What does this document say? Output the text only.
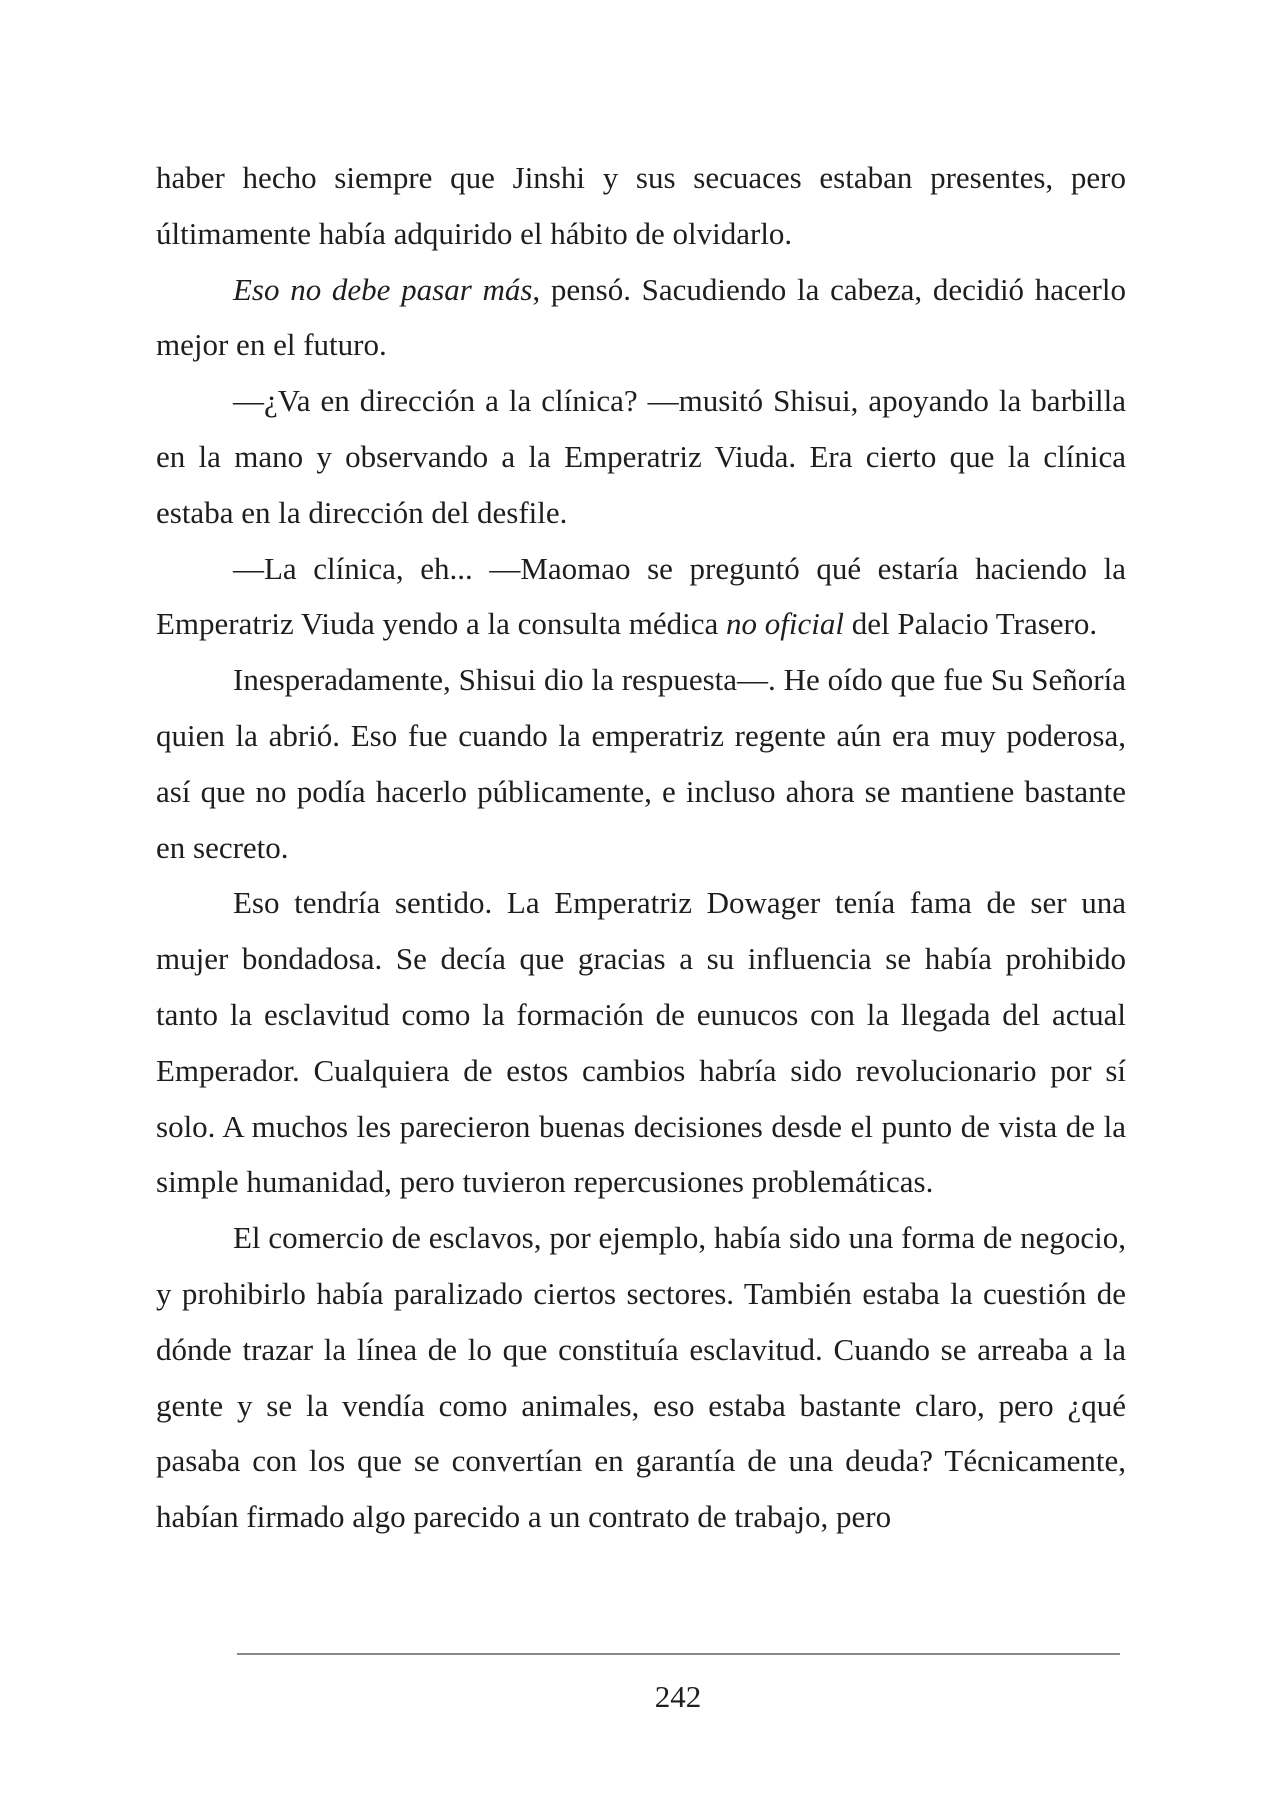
haber hecho siempre que Jinshi y sus secuaces estaban presentes, pero últimamente había adquirido el hábito de olvidarlo.

Eso no debe pasar más, pensó. Sacudiendo la cabeza, decidió hacerlo mejor en el futuro.

—¿Va en dirección a la clínica? —musitó Shisui, apoyando la barbilla en la mano y observando a la Emperatriz Viuda. Era cierto que la clínica estaba en la dirección del desfile.

—La clínica, eh... —Maomao se preguntó qué estaría haciendo la Emperatriz Viuda yendo a la consulta médica no oficial del Palacio Trasero.

Inesperadamente, Shisui dio la respuesta—. He oído que fue Su Señoría quien la abrió. Eso fue cuando la emperatriz regente aún era muy poderosa, así que no podía hacerlo públicamente, e incluso ahora se mantiene bastante en secreto.

Eso tendría sentido. La Emperatriz Dowager tenía fama de ser una mujer bondadosa. Se decía que gracias a su influencia se había prohibido tanto la esclavitud como la formación de eunucos con la llegada del actual Emperador. Cualquiera de estos cambios habría sido revolucionario por sí solo. A muchos les parecieron buenas decisiones desde el punto de vista de la simple humanidad, pero tuvieron repercusiones problemáticas.

El comercio de esclavos, por ejemplo, había sido una forma de negocio, y prohibirlo había paralizado ciertos sectores. También estaba la cuestión de dónde trazar la línea de lo que constituía esclavitud. Cuando se arreaba a la gente y se la vendía como animales, eso estaba bastante claro, pero ¿qué pasaba con los que se convertían en garantía de una deuda? Técnicamente, habían firmado algo parecido a un contrato de trabajo, pero

242
